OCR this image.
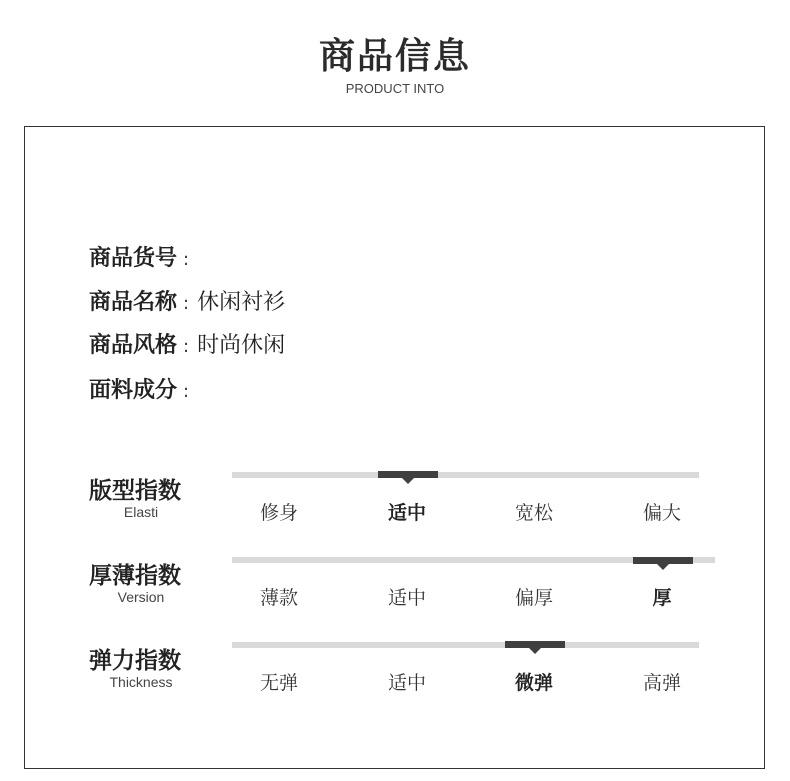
商品信息
PRODUCT INTO
商品货号 :
商品名称 : 休闲衬衫
商品风格 : 时尚休闲
面料成分 :
版型指数
Elasti	修身	适中	宽松	偏大
厚薄指数
Version	薄款	适中	偏厚	厚
弹力指数
Thickness	无弹	适中	微弹	高弹
